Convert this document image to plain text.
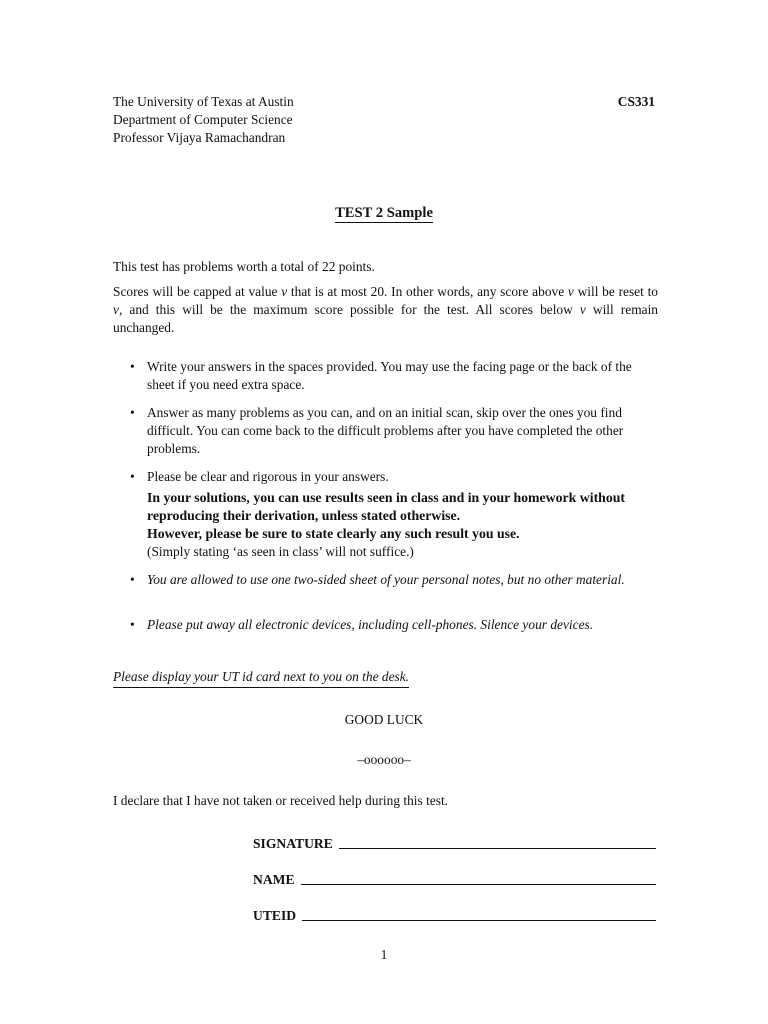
The University of Texas at Austin
Department of Computer Science
Professor Vijaya Ramachandran
CS331
TEST 2 Sample
This test has problems worth a total of 22 points.

Scores will be capped at value v that is at most 20. In other words, any score above v will be reset to v, and this will be the maximum score possible for the test. All scores below v will remain unchanged.

• Write your answers in the spaces provided. You may use the facing page or the back of the sheet if you need extra space.
• Answer as many problems as you can, and on an initial scan, skip over the ones you find difficult. You can come back to the difficult problems after you have completed the other problems.
• Please be clear and rigorous in your answers.
In your solutions, you can use results seen in class and in your homework without reproducing their derivation, unless stated otherwise.
However, please be sure to state clearly any such result you use.
(Simply stating ‘as seen in class’ will not suffice.)
• You are allowed to use one two-sided sheet of your personal notes, but no other material.
• Please put away all electronic devices, including cell-phones. Silence your devices.
Please display your UT id card next to you on the desk.
GOOD LUCK
–oooooo–
I declare that I have not taken or received help during this test.
SIGNATURE
NAME
UTEID
1
